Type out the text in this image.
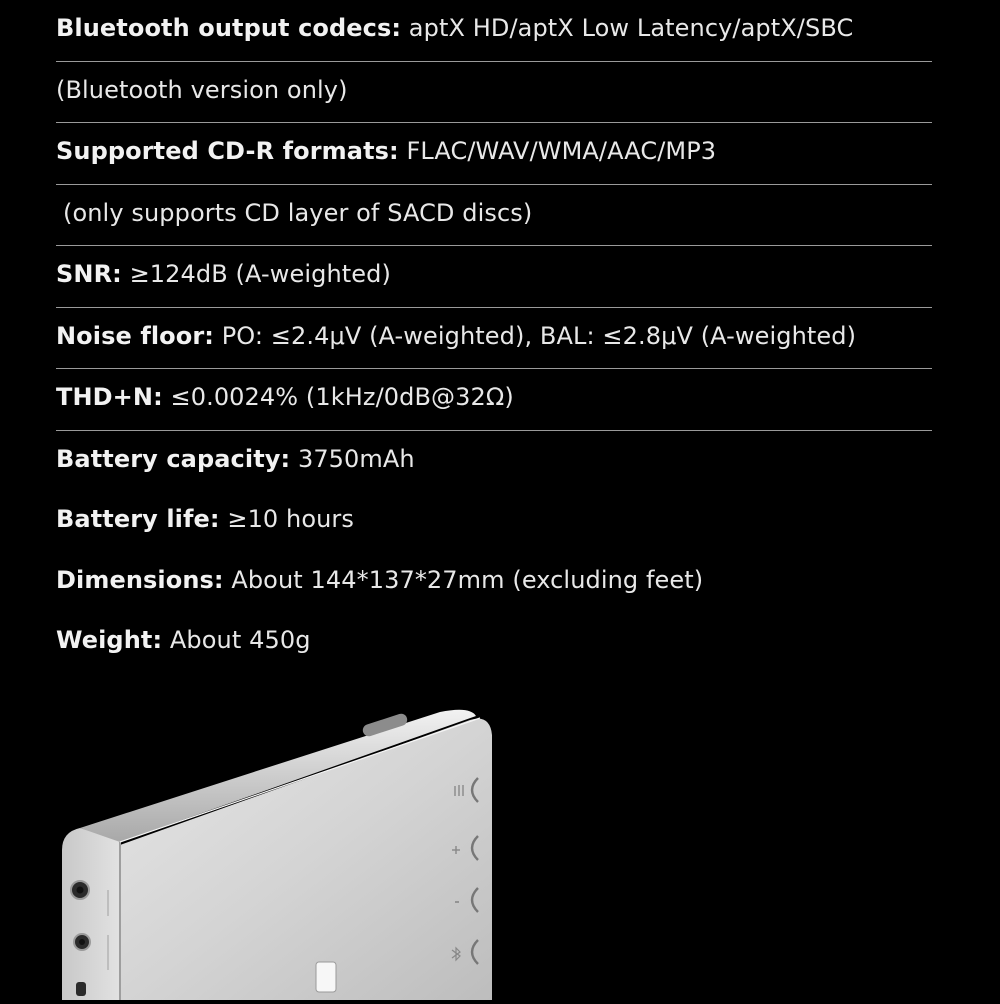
Bluetooth output codecs: aptX HD/aptX Low Latency/aptX/SBC
(Bluetooth version only)
Supported CD-R formats: FLAC/WAV/WMA/AAC/MP3
(only supports CD layer of SACD discs)
SNR: ≥124dB (A-weighted)
Noise floor: PO: ≤2.4μV (A-weighted), BAL: ≤2.8μV (A-weighted)
THD+N: ≤0.0024% (1kHz/0dB@32Ω)
Battery capacity: 3750mAh
Battery life: ≥10 hours
Dimensions: About 144*137*27mm (excluding feet)
Weight: About 450g
